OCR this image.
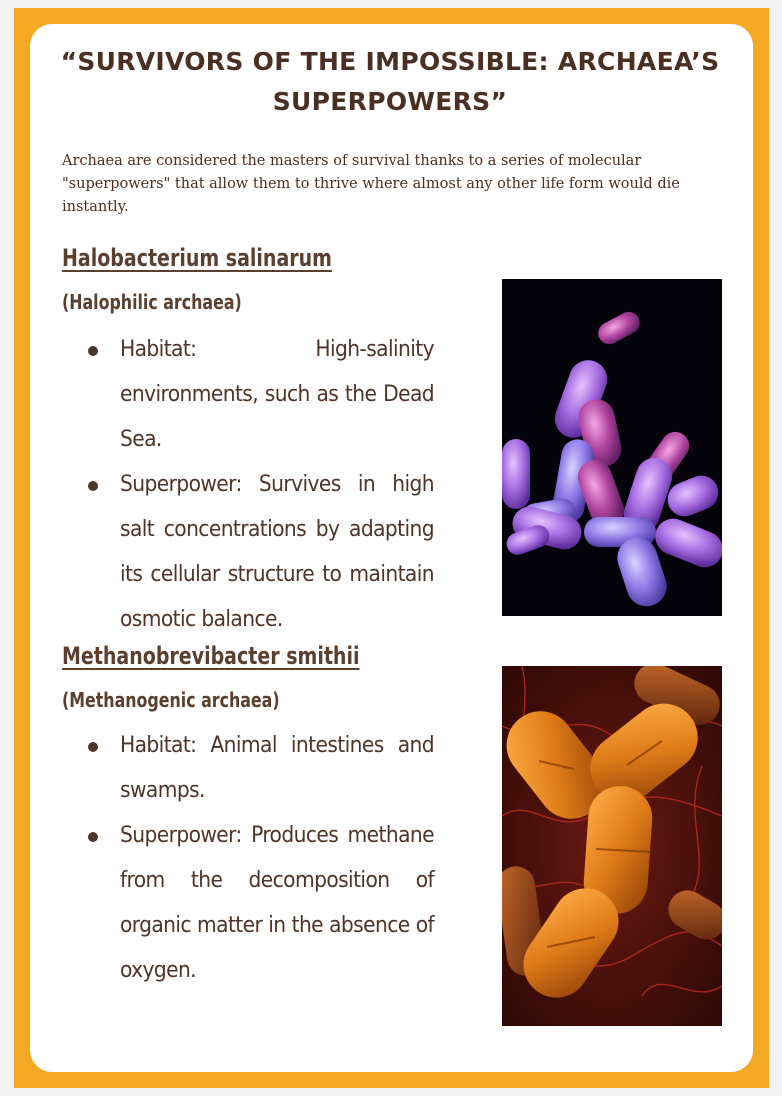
“SURVIVORS OF THE IMPOSSIBLE: ARCHAEA’S SUPERPOWERS”
Archaea are considered the masters of survival thanks to a series of molecular "superpowers" that allow them to thrive where almost any other life form would die instantly.
Halobacterium salinarum
(Halophilic archaea)
Habitat: High-salinity environments, such as the Dead Sea.
Superpower: Survives in high salt concentrations by adapting its cellular structure to maintain osmotic balance.
Methanobrevibacter smithii
(Methanogenic archaea)
Habitat: Animal intestines and swamps.
Superpower: Produces methane from the decomposition of organic matter in the absence of oxygen.
